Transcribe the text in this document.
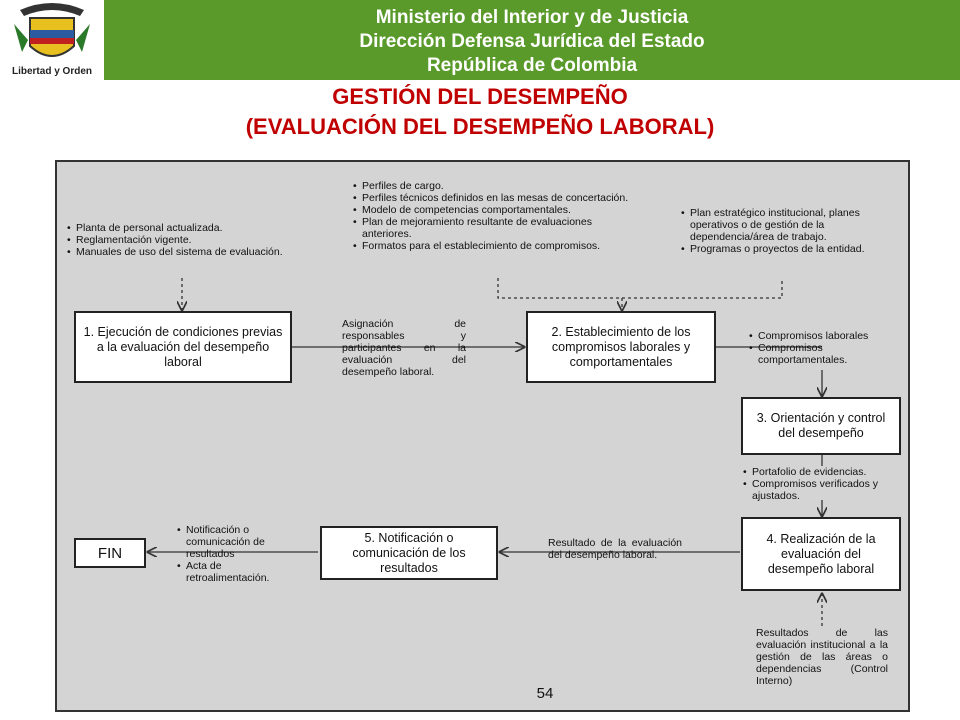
Libertad y Orden
Ministerio del Interior y de Justicia
Dirección Defensa Jurídica del Estado
República de Colombia
GESTIÓN DEL DESEMPEÑO
(EVALUACIÓN DEL DESEMPEÑO LABORAL)
• Planta de personal actualizada.
• Reglamentación vigente.
• Manuales de uso del sistema de evaluación.
• Perfiles de cargo.
• Perfiles técnicos definidos en las mesas de concertación.
• Modelo de competencias comportamentales.
• Plan de mejoramiento resultante de evaluaciones anteriores.
• Formatos para el establecimiento de compromisos.
• Plan estratégico institucional, planes operativos o de gestión de la dependencia/área de trabajo.
• Programas o proyectos de la entidad.
Asignación de responsables y participantes en la evaluación del desempeño laboral.
• Compromisos laborales
• Compromisos comportamentales.
• Portafolio de evidencias.
• Compromisos verificados y ajustados.
Resultado de la evaluación del desempeño laboral.
• Notificación o comunicación de resultados
• Acta de retroalimentación.
Resultados de las evaluación institucional a la gestión de las áreas o dependencias (Control Interno)
1. Ejecución de condiciones previas a la evaluación del desempeño laboral
2. Establecimiento de los compromisos laborales y comportamentales
3. Orientación y control del desempeño
4. Realización de la evaluación del desempeño laboral
5. Notificación o comunicación de los resultados
FIN
54
